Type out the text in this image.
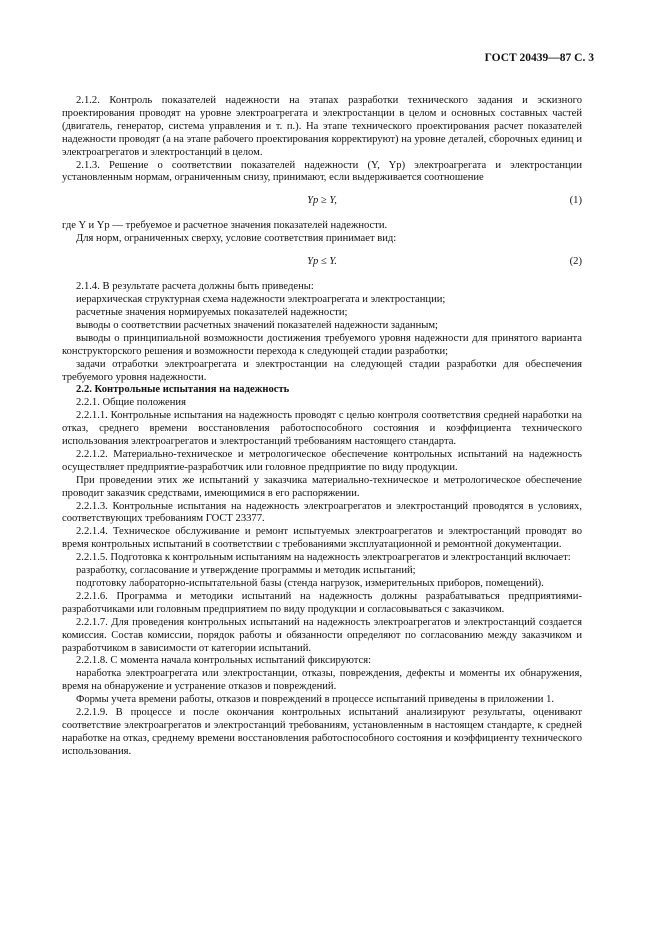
ГОСТ 20439—87 С. 3

2.1.2. Контроль показателей надежности на этапах разработки технического задания и эскизного проектирования проводят на уровне электроагрегата и электростанции в целом и основных составных частей (двигатель, генератор, система управления и т. п.). На этапе технического проектирования расчет показателей надежности проводят (а на этапе рабочего проектирования корректируют) на уровне деталей, сборочных единиц и электроагрегатов и электростанций в целом.

2.1.3. Решение о соответствии показателей надежности (Y, Yр) электроагрегата и электростанции установленным нормам, ограниченным снизу, принимают, если выдерживается соотношение

Yр ≥ Y,	(1)

где Y и Yр — требуемое и расчетное значения показателей надежности.

Для норм, ограниченных сверху, условие соответствия принимает вид:

Yр ≤ Y.	(2)

2.1.4. В результате расчета должны быть приведены:

иерархическая структурная схема надежности электроагрегата и электростанции;

расчетные значения нормируемых показателей надежности;

выводы о соответствии расчетных значений показателей надежности заданным;

выводы о принципиальной возможности достижения требуемого уровня надежности для принятого варианта конструкторского решения и возможности перехода к следующей стадии разработки;

задачи отработки электроагрегата и электростанции на следующей стадии разработки для обеспечения требуемого уровня надежности.

2.2. Контрольные испытания на надежность

2.2.1. Общие положения

2.2.1.1. Контрольные испытания на надежность проводят с целью контроля соответствия средней наработки на отказ, среднего времени восстановления работоспособного состояния и коэффициента технического использования электроагрегатов и электростанций требованиям настоящего стандарта.

2.2.1.2. Материально-техническое и метрологическое обеспечение контрольных испытаний на надежность осуществляет предприятие-разработчик или головное предприятие по виду продукции.

При проведении этих же испытаний у заказчика материально-техническое и метрологическое обеспечение проводит заказчик средствами, имеющимися в его распоряжении.

2.2.1.3. Контрольные испытания на надежность электроагрегатов и электростанций проводятся в условиях, соответствующих требованиям ГОСТ 23377.

2.2.1.4. Техническое обслуживание и ремонт испытуемых электроагрегатов и электростанций проводят во время контрольных испытаний в соответствии с требованиями эксплуатационной и ремонтной документации.

2.2.1.5. Подготовка к контрольным испытаниям на надежность электроагрегатов и электростанций включает:

разработку, согласование и утверждение программы и методик испытаний;

подготовку лабораторно-испытательной базы (стенда нагрузок, измерительных приборов, помещений).

2.2.1.6. Программа и методики испытаний на надежность должны разрабатываться предприятиями-разработчиками или головным предприятием по виду продукции и согласовываться с заказчиком.

2.2.1.7. Для проведения контрольных испытаний на надежность электроагрегатов и электростанций создается комиссия. Состав комиссии, порядок работы и обязанности определяют по согласованию между заказчиком и разработчиком в зависимости от категории испытаний.

2.2.1.8. С момента начала контрольных испытаний фиксируются:

наработка электроагрегата или электростанции, отказы, повреждения, дефекты и моменты их обнаружения, время на обнаружение и устранение отказов и повреждений.

Формы учета времени работы, отказов и повреждений в процессе испытаний приведены в приложении 1.

2.2.1.9. В процессе и после окончания контрольных испытаний анализируют результаты, оценивают соответствие электроагрегатов и электростанций требованиям, установленным в настоящем стандарте, к средней наработке на отказ, среднему времени восстановления работоспособного состояния и коэффициенту технического использования.
